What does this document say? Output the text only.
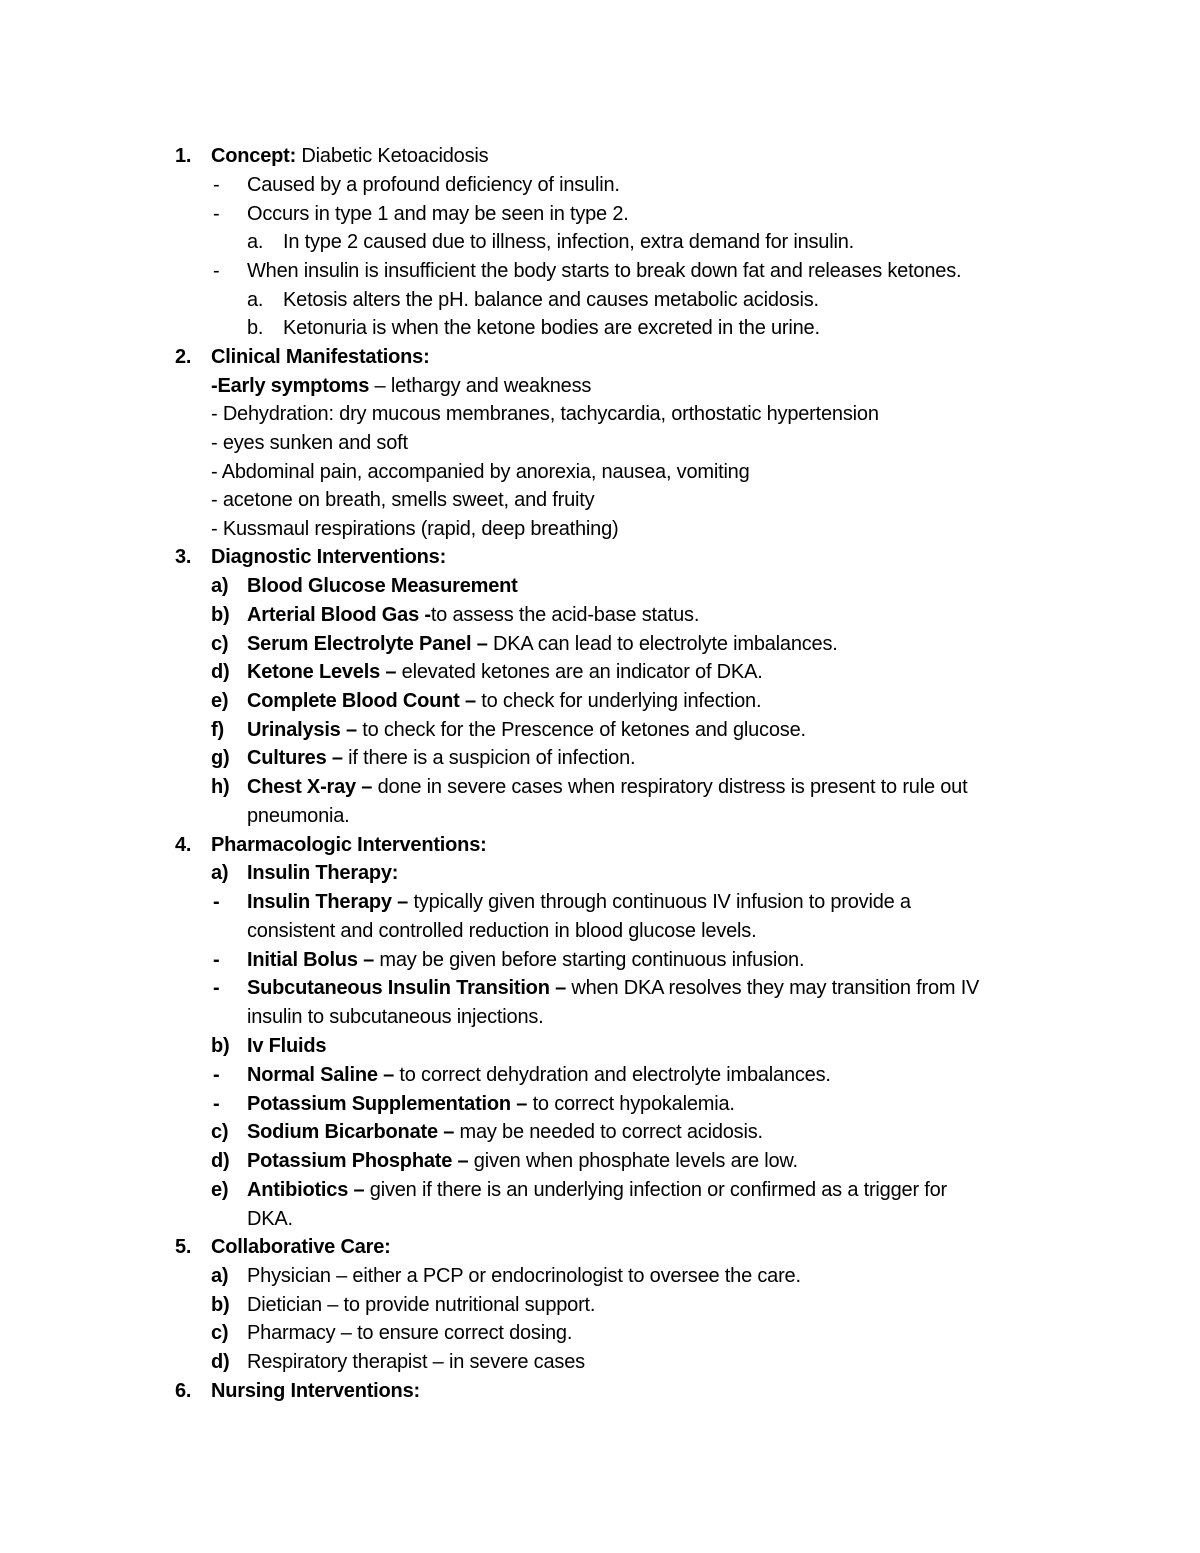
1. Concept: Diabetic Ketoacidosis
- Caused by a profound deficiency of insulin.
- Occurs in type 1 and may be seen in type 2.
a. In type 2 caused due to illness, infection, extra demand for insulin.
- When insulin is insufficient the body starts to break down fat and releases ketones.
a. Ketosis alters the pH. balance and causes metabolic acidosis.
b. Ketonuria is when the ketone bodies are excreted in the urine.
2. Clinical Manifestations:
-Early symptoms – lethargy and weakness
- Dehydration: dry mucous membranes, tachycardia, orthostatic hypertension
- eyes sunken and soft
- Abdominal pain, accompanied by anorexia, nausea, vomiting
- acetone on breath, smells sweet, and fruity
- Kussmaul respirations (rapid, deep breathing)
3. Diagnostic Interventions:
a) Blood Glucose Measurement
b) Arterial Blood Gas -to assess the acid-base status.
c) Serum Electrolyte Panel – DKA can lead to electrolyte imbalances.
d) Ketone Levels – elevated ketones are an indicator of DKA.
e) Complete Blood Count – to check for underlying infection.
f) Urinalysis – to check for the Prescence of ketones and glucose.
g) Cultures – if there is a suspicion of infection.
h) Chest X-ray – done in severe cases when respiratory distress is present to rule out
pneumonia.
4. Pharmacologic Interventions:
a) Insulin Therapy:
- Insulin Therapy – typically given through continuous IV infusion to provide a
consistent and controlled reduction in blood glucose levels.
- Initial Bolus – may be given before starting continuous infusion.
- Subcutaneous Insulin Transition – when DKA resolves they may transition from IV
insulin to subcutaneous injections.
b) Iv Fluids
- Normal Saline – to correct dehydration and electrolyte imbalances.
- Potassium Supplementation – to correct hypokalemia.
c) Sodium Bicarbonate – may be needed to correct acidosis.
d) Potassium Phosphate – given when phosphate levels are low.
e) Antibiotics – given if there is an underlying infection or confirmed as a trigger for
DKA.
5. Collaborative Care:
a) Physician – either a PCP or endocrinologist to oversee the care.
b) Dietician – to provide nutritional support.
c) Pharmacy – to ensure correct dosing.
d) Respiratory therapist – in severe cases
6. Nursing Interventions:
